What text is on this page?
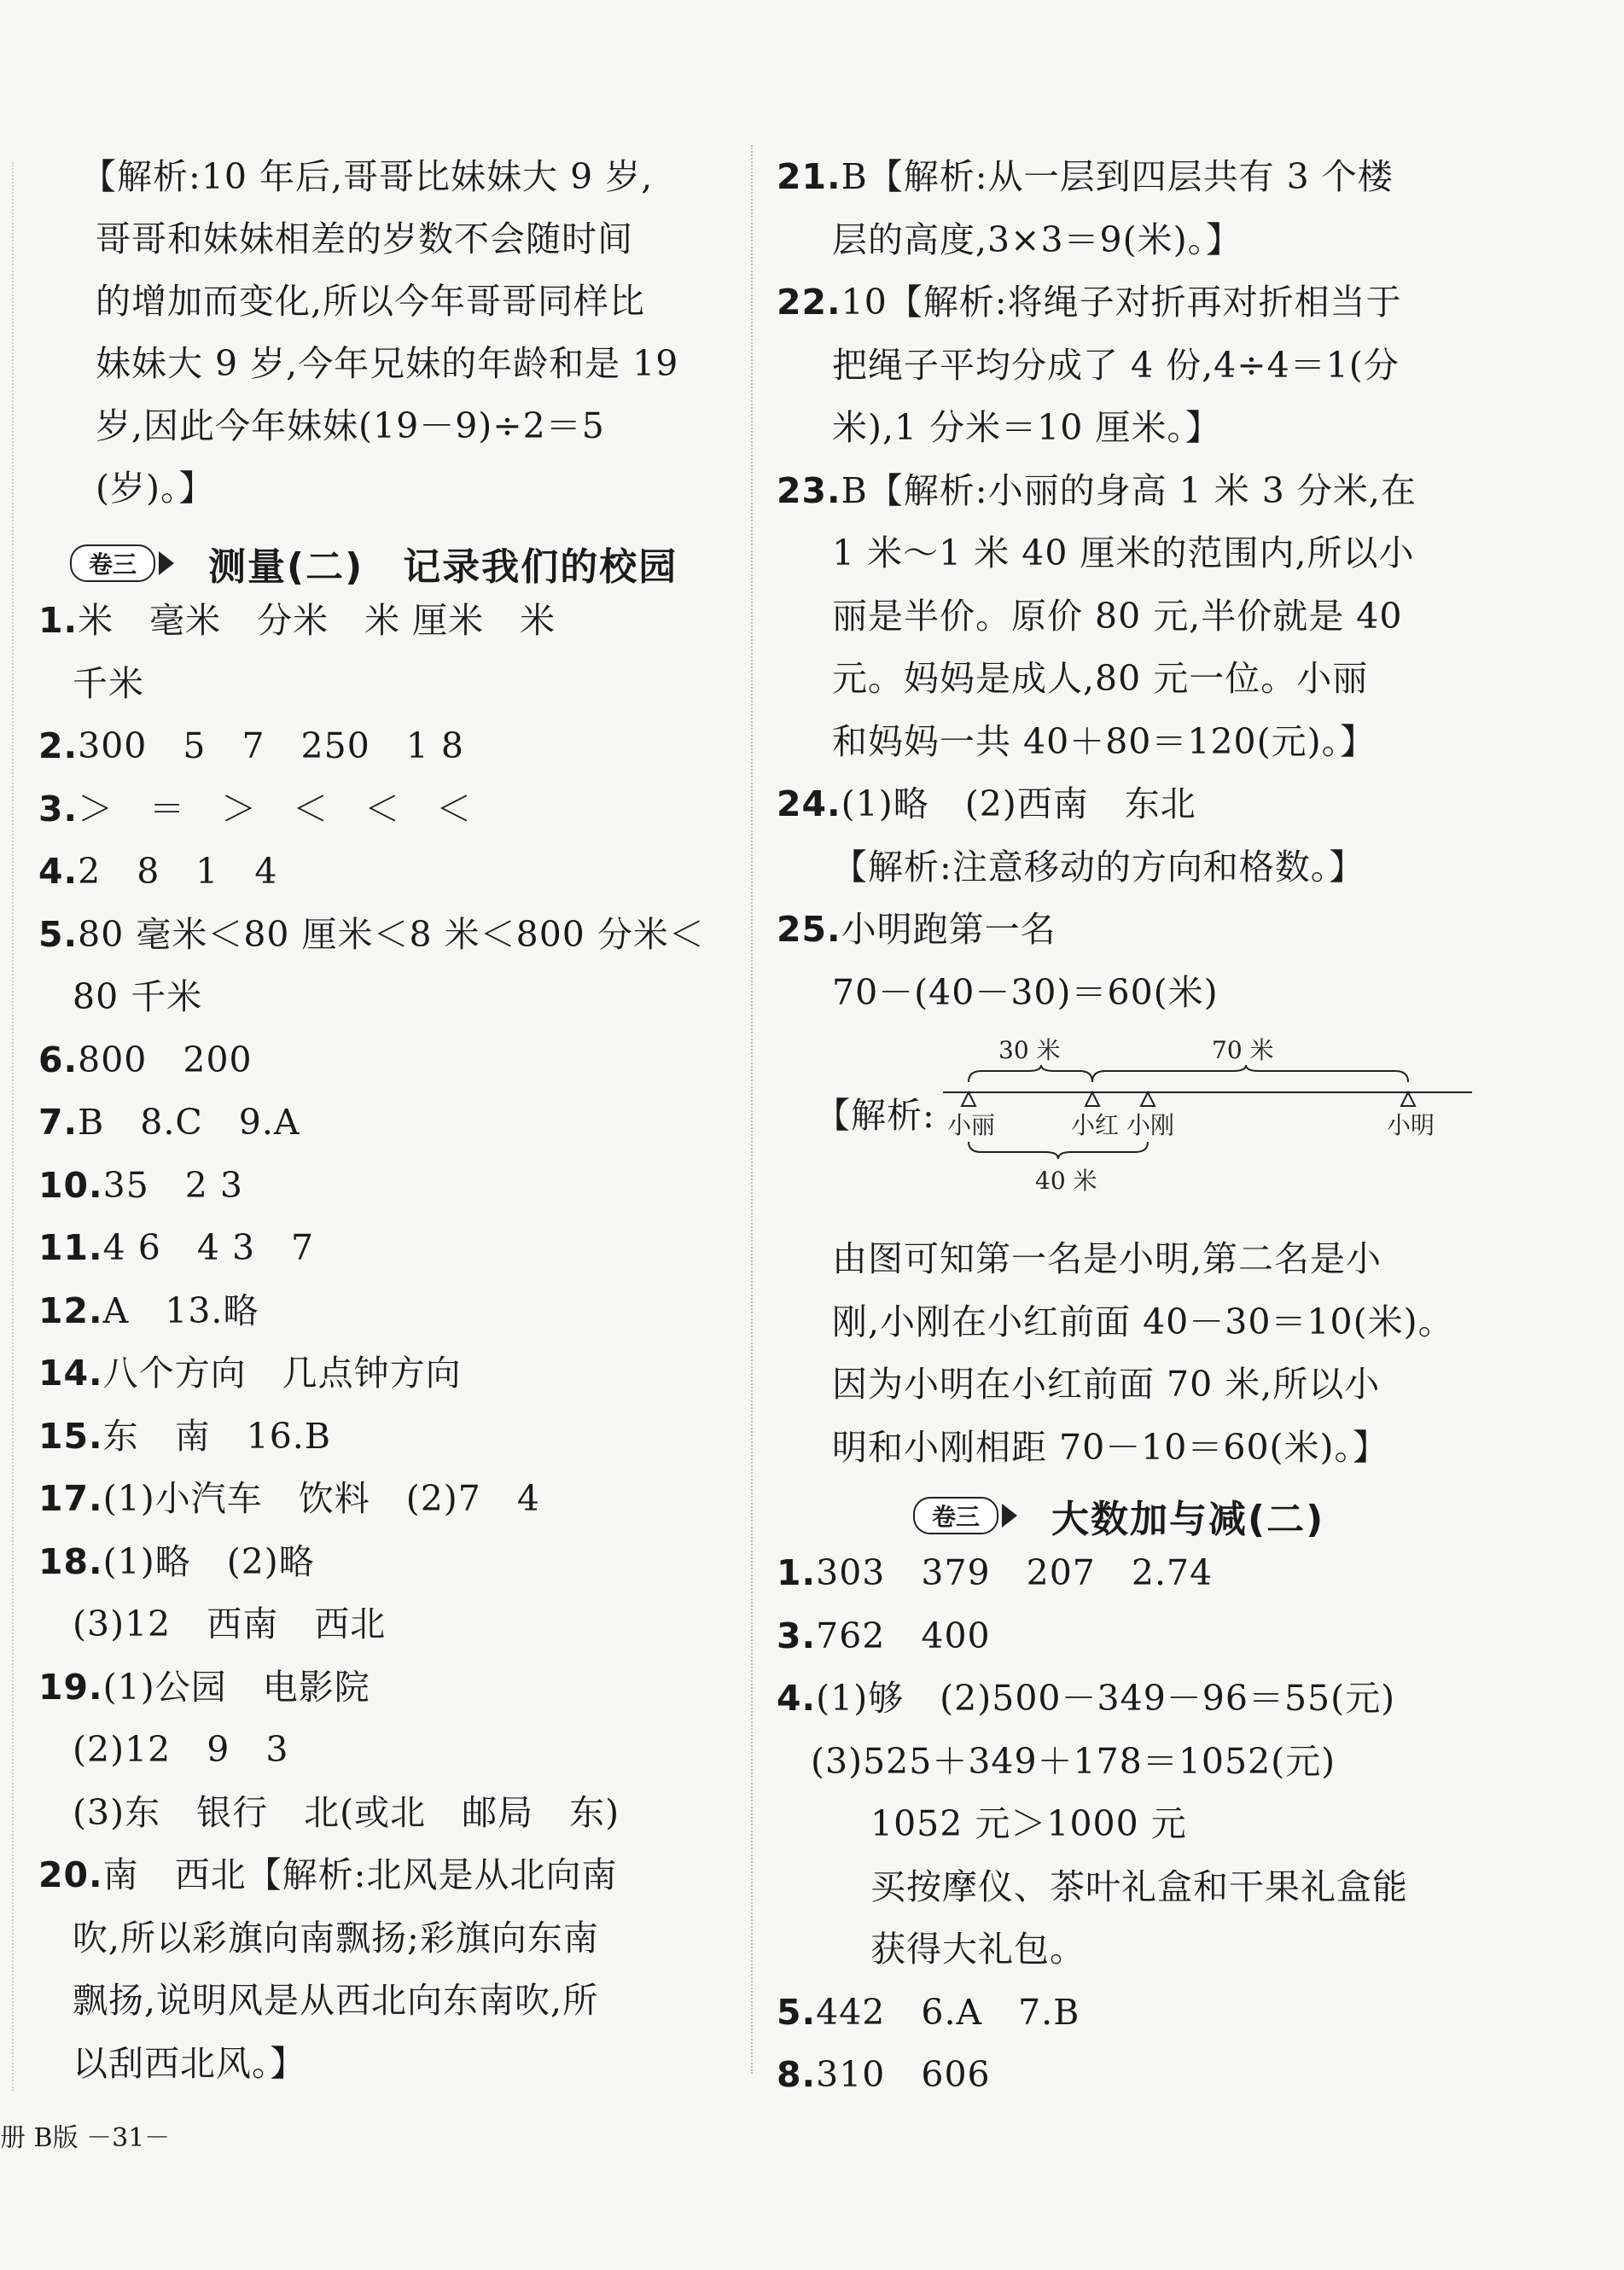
【解析:10 年后,哥哥比妹妹大 9 岁,
哥哥和妹妹相差的岁数不会随时间
的增加而变化,所以今年哥哥同样比
妹妹大 9 岁,今年兄妹的年龄和是 19
岁,因此今年妹妹(19－9)÷2＝5
(岁)。】
卷三	测量(二)　记录我们的校园
1.米　毫米　分米　米 厘米　米
千米
2.300　5　7　250　1 8
3.＞　＝　＞　＜　＜　＜
4.2　8　1　4
5.80 毫米＜80 厘米＜8 米＜800 分米＜
80 千米
6.800　200
7.B　8.C　9.A
10.35　2 3
11.4 6　4 3　7
12.A　13.略
14.八个方向　几点钟方向
15.东　南　16.B
17.(1)小汽车　饮料　(2)7　4
18.(1)略　(2)略
(3)12　西南　西北
19.(1)公园　电影院
(2)12　9　3
(3)东　银行　北(或北　邮局　东)
20.南　西北【解析:北风是从北向南
吹,所以彩旗向南飘扬;彩旗向东南
飘扬,说明风是从西北向东南吹,所
以刮西北风。】
21.B【解析:从一层到四层共有 3 个楼
层的高度,3×3＝9(米)。】
22.10【解析:将绳子对折再对折相当于
把绳子平均分成了 4 份,4÷4＝1(分
米),1 分米＝10 厘米。】
23.B【解析:小丽的身高 1 米 3 分米,在
1 米～1 米 40 厘米的范围内,所以小
丽是半价。原价 80 元,半价就是 40
元。妈妈是成人,80 元一位。小丽
和妈妈一共 40＋80＝120(元)。】
24.(1)略　(2)西南　东北
【解析:注意移动的方向和格数。】
25.小明跑第一名
70－(40－30)＝60(米)
【解析:
30 米	70 米
小丽	小红 小刚	小明
40 米
由图可知第一名是小明,第二名是小
刚,小刚在小红前面 40－30＝10(米)。
因为小明在小红前面 70 米,所以小
明和小刚相距 70－10＝60(米)。】
卷三	大数加与减(二)
1.303　379　207　2.74
3.762　400
4.(1)够　(2)500－349－96＝55(元)
(3)525＋349＋178＝1052(元)
1052 元＞1000 元
买按摩仪、茶叶礼盒和干果礼盒能
获得大礼包。
5.442　6.A　7.B
8.310　606
册 B版 －31－
